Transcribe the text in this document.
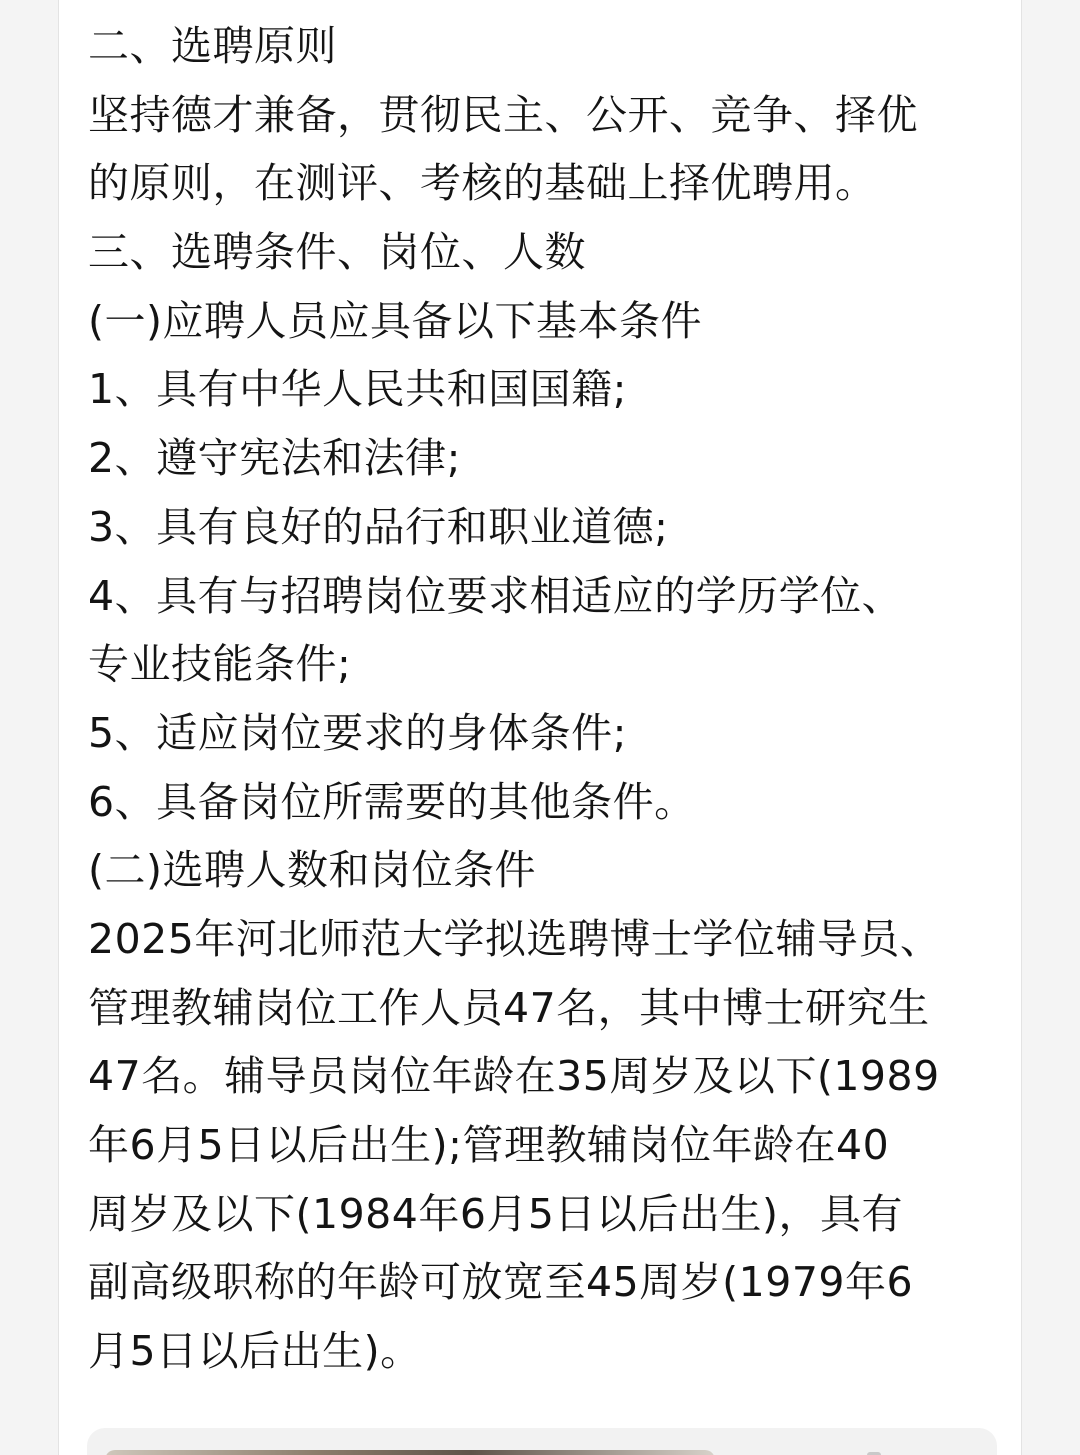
二、选聘原则
坚持德才兼备，贯彻民主、公开、竞争、择优
的原则，在测评、考核的基础上择优聘用。
三、选聘条件、岗位、人数
(一)应聘人员应具备以下基本条件
1、具有中华人民共和国国籍;
2、遵守宪法和法律;
3、具有良好的品行和职业道德;
4、具有与招聘岗位要求相适应的学历学位、
专业技能条件;
5、适应岗位要求的身体条件;
6、具备岗位所需要的其他条件。
(二)选聘人数和岗位条件
2025年河北师范大学拟选聘博士学位辅导员、
管理教辅岗位工作人员47名，其中博士研究生
47名。辅导员岗位年龄在35周岁及以下(1989
年6月5日以后出生);管理教辅岗位年龄在40
周岁及以下(1984年6月5日以后出生)，具有
副高级职称的年龄可放宽至45周岁(1979年6
月5日以后出生)。
